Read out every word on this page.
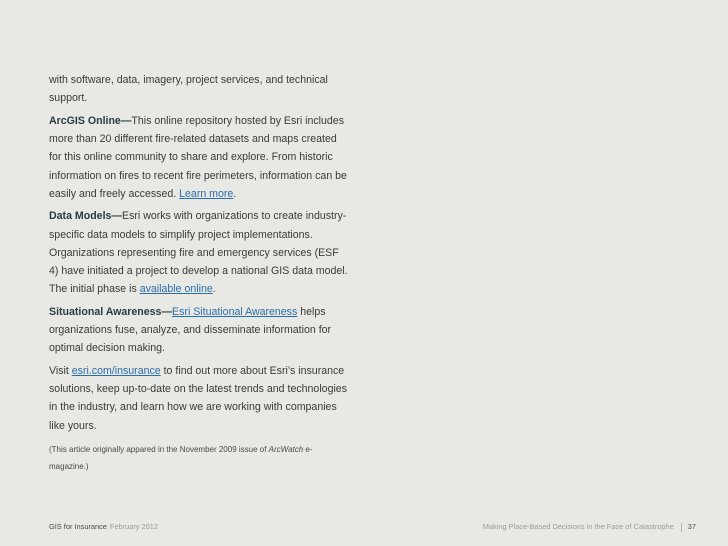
with software, data, imagery, project services, and technical support.

ArcGIS Online—This online repository hosted by Esri includes more than 20 different fire-related datasets and maps created for this online community to share and explore. From historic information on fires to recent fire perimeters, information can be easily and freely accessed. Learn more.

Data Models—Esri works with organizations to create industry-specific data models to simplify project implementations. Organizations representing fire and emergency services (ESF 4) have initiated a project to develop a national GIS data model. The initial phase is available online.

Situational Awareness—Esri Situational Awareness helps organizations fuse, analyze, and disseminate information for optimal decision making.

Visit esri.com/insurance to find out more about Esri’s insurance solutions, keep up-to-date on the latest trends and technologies in the industry, and learn how we are working with companies like yours.

(This article originally appared in the November 2009 issue of ArcWatch e-magazine.)

GIS for Insurance February 2012	Making Place-Based Decisions in the Face of Catastrophe 37
